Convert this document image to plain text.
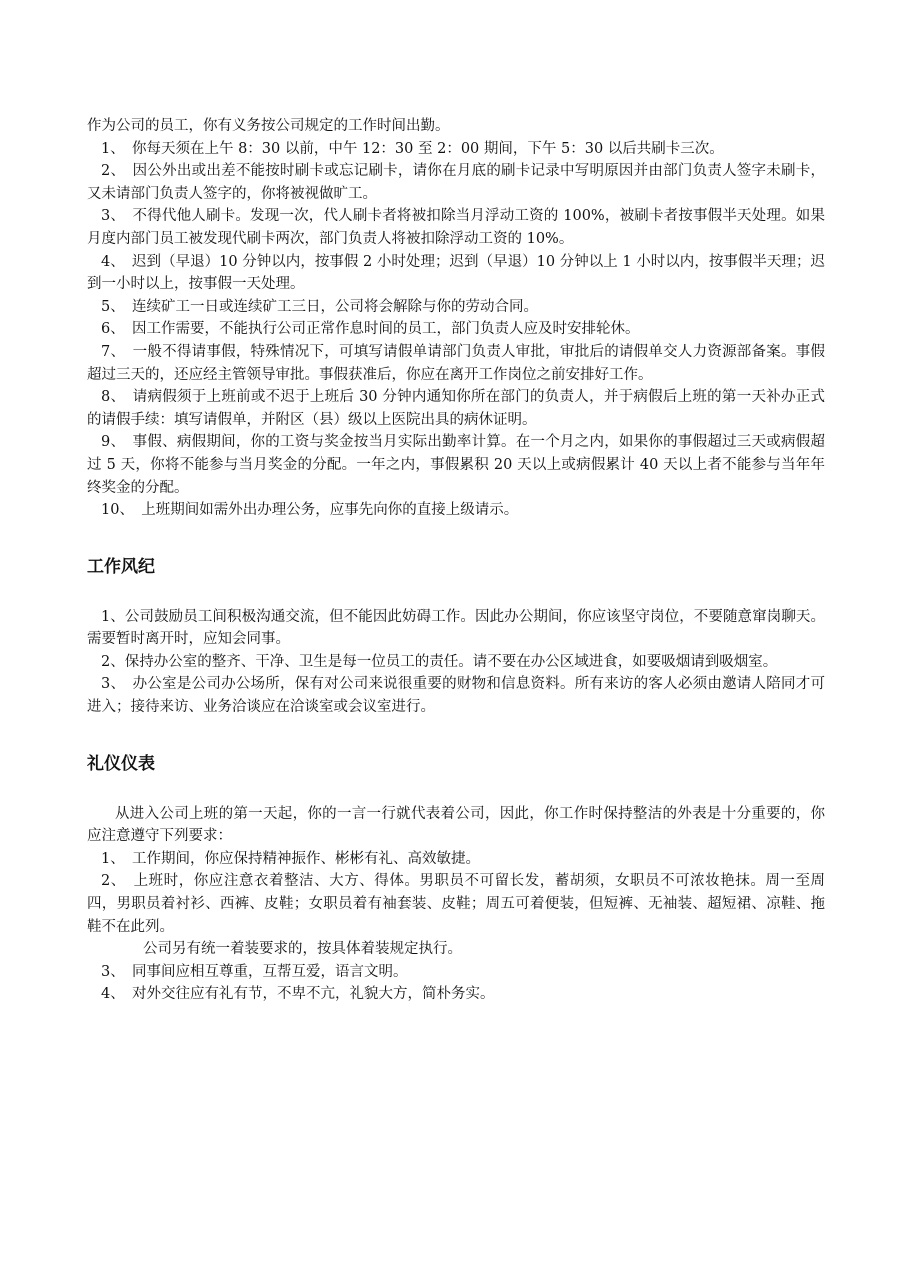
作为公司的员工，你有义务按公司规定的工作时间出勤。

1、　你每天须在上午 8：30 以前，中午 12：30 至 2：00 期间，下午 5：30 以后共刷卡三次。

2、　因公外出或出差不能按时刷卡或忘记刷卡，请你在月底的刷卡记录中写明原因并由部门负责人签字未刷卡，又未请部门负责人签字的，你将被视做旷工。

3、　不得代他人刷卡。发现一次，代人刷卡者将被扣除当月浮动工资的 100%，被刷卡者按事假半天处理。如果月度内部门员工被发现代刷卡两次，部门负责人将被扣除浮动工资的 10%。

4、　迟到（早退）10 分钟以内，按事假 2 小时处理；迟到（早退）10 分钟以上 1 小时以内，按事假半天理；迟到一小时以上，按事假一天处理。

5、　连续矿工一日或连续矿工三日，公司将会解除与你的劳动合同。

6、　因工作需要，不能执行公司正常作息时间的员工，部门负责人应及时安排轮休。

7、　一般不得请事假，特殊情况下，可填写请假单请部门负责人审批，审批后的请假单交人力资源部备案。事假超过三天的，还应经主管领导审批。事假获准后，你应在离开工作岗位之前安排好工作。

8、　请病假须于上班前或不迟于上班后 30 分钟内通知你所在部门的负责人，并于病假后上班的第一天补办正式的请假手续：填写请假单，并附区（县）级以上医院出具的病休证明。

9、　事假、病假期间，你的工资与奖金按当月实际出勤率计算。在一个月之内，如果你的事假超过三天或病假超过 5 天，你将不能参与当月奖金的分配。一年之内，事假累积 20 天以上或病假累计 40 天以上者不能参与当年年终奖金的分配。

10、　上班期间如需外出办理公务，应事先向你的直接上级请示。

工作风纪

1、公司鼓励员工间积极沟通交流，但不能因此妨碍工作。因此办公期间，你应该坚守岗位，不要随意窜岗聊天。需要暂时离开时，应知会同事。

2、保持办公室的整齐、干净、卫生是每一位员工的责任。请不要在办公区域进食，如要吸烟请到吸烟室。

3、　办公室是公司办公场所，保有对公司来说很重要的财物和信息资料。所有来访的客人必须由邀请人陪同才可进入；接待来访、业务洽谈应在洽谈室或会议室进行。

礼仪仪表

从进入公司上班的第一天起，你的一言一行就代表着公司，因此，你工作时保持整洁的外表是十分重要的，你应注意遵守下列要求：

1、　工作期间，你应保持精神振作、彬彬有礼、高效敏捷。

2、　上班时，你应注意衣着整洁、大方、得体。男职员不可留长发，蓄胡须，女职员不可浓妆艳抹。周一至周四，男职员着衬衫、西裤、皮鞋；女职员着有袖套装、皮鞋；周五可着便装，但短裤、无袖装、超短裙、凉鞋、拖鞋不在此列。

公司另有统一着装要求的，按具体着装规定执行。

3、　同事间应相互尊重，互帮互爱，语言文明。

4、　对外交往应有礼有节，不卑不亢，礼貌大方，简朴务实。
